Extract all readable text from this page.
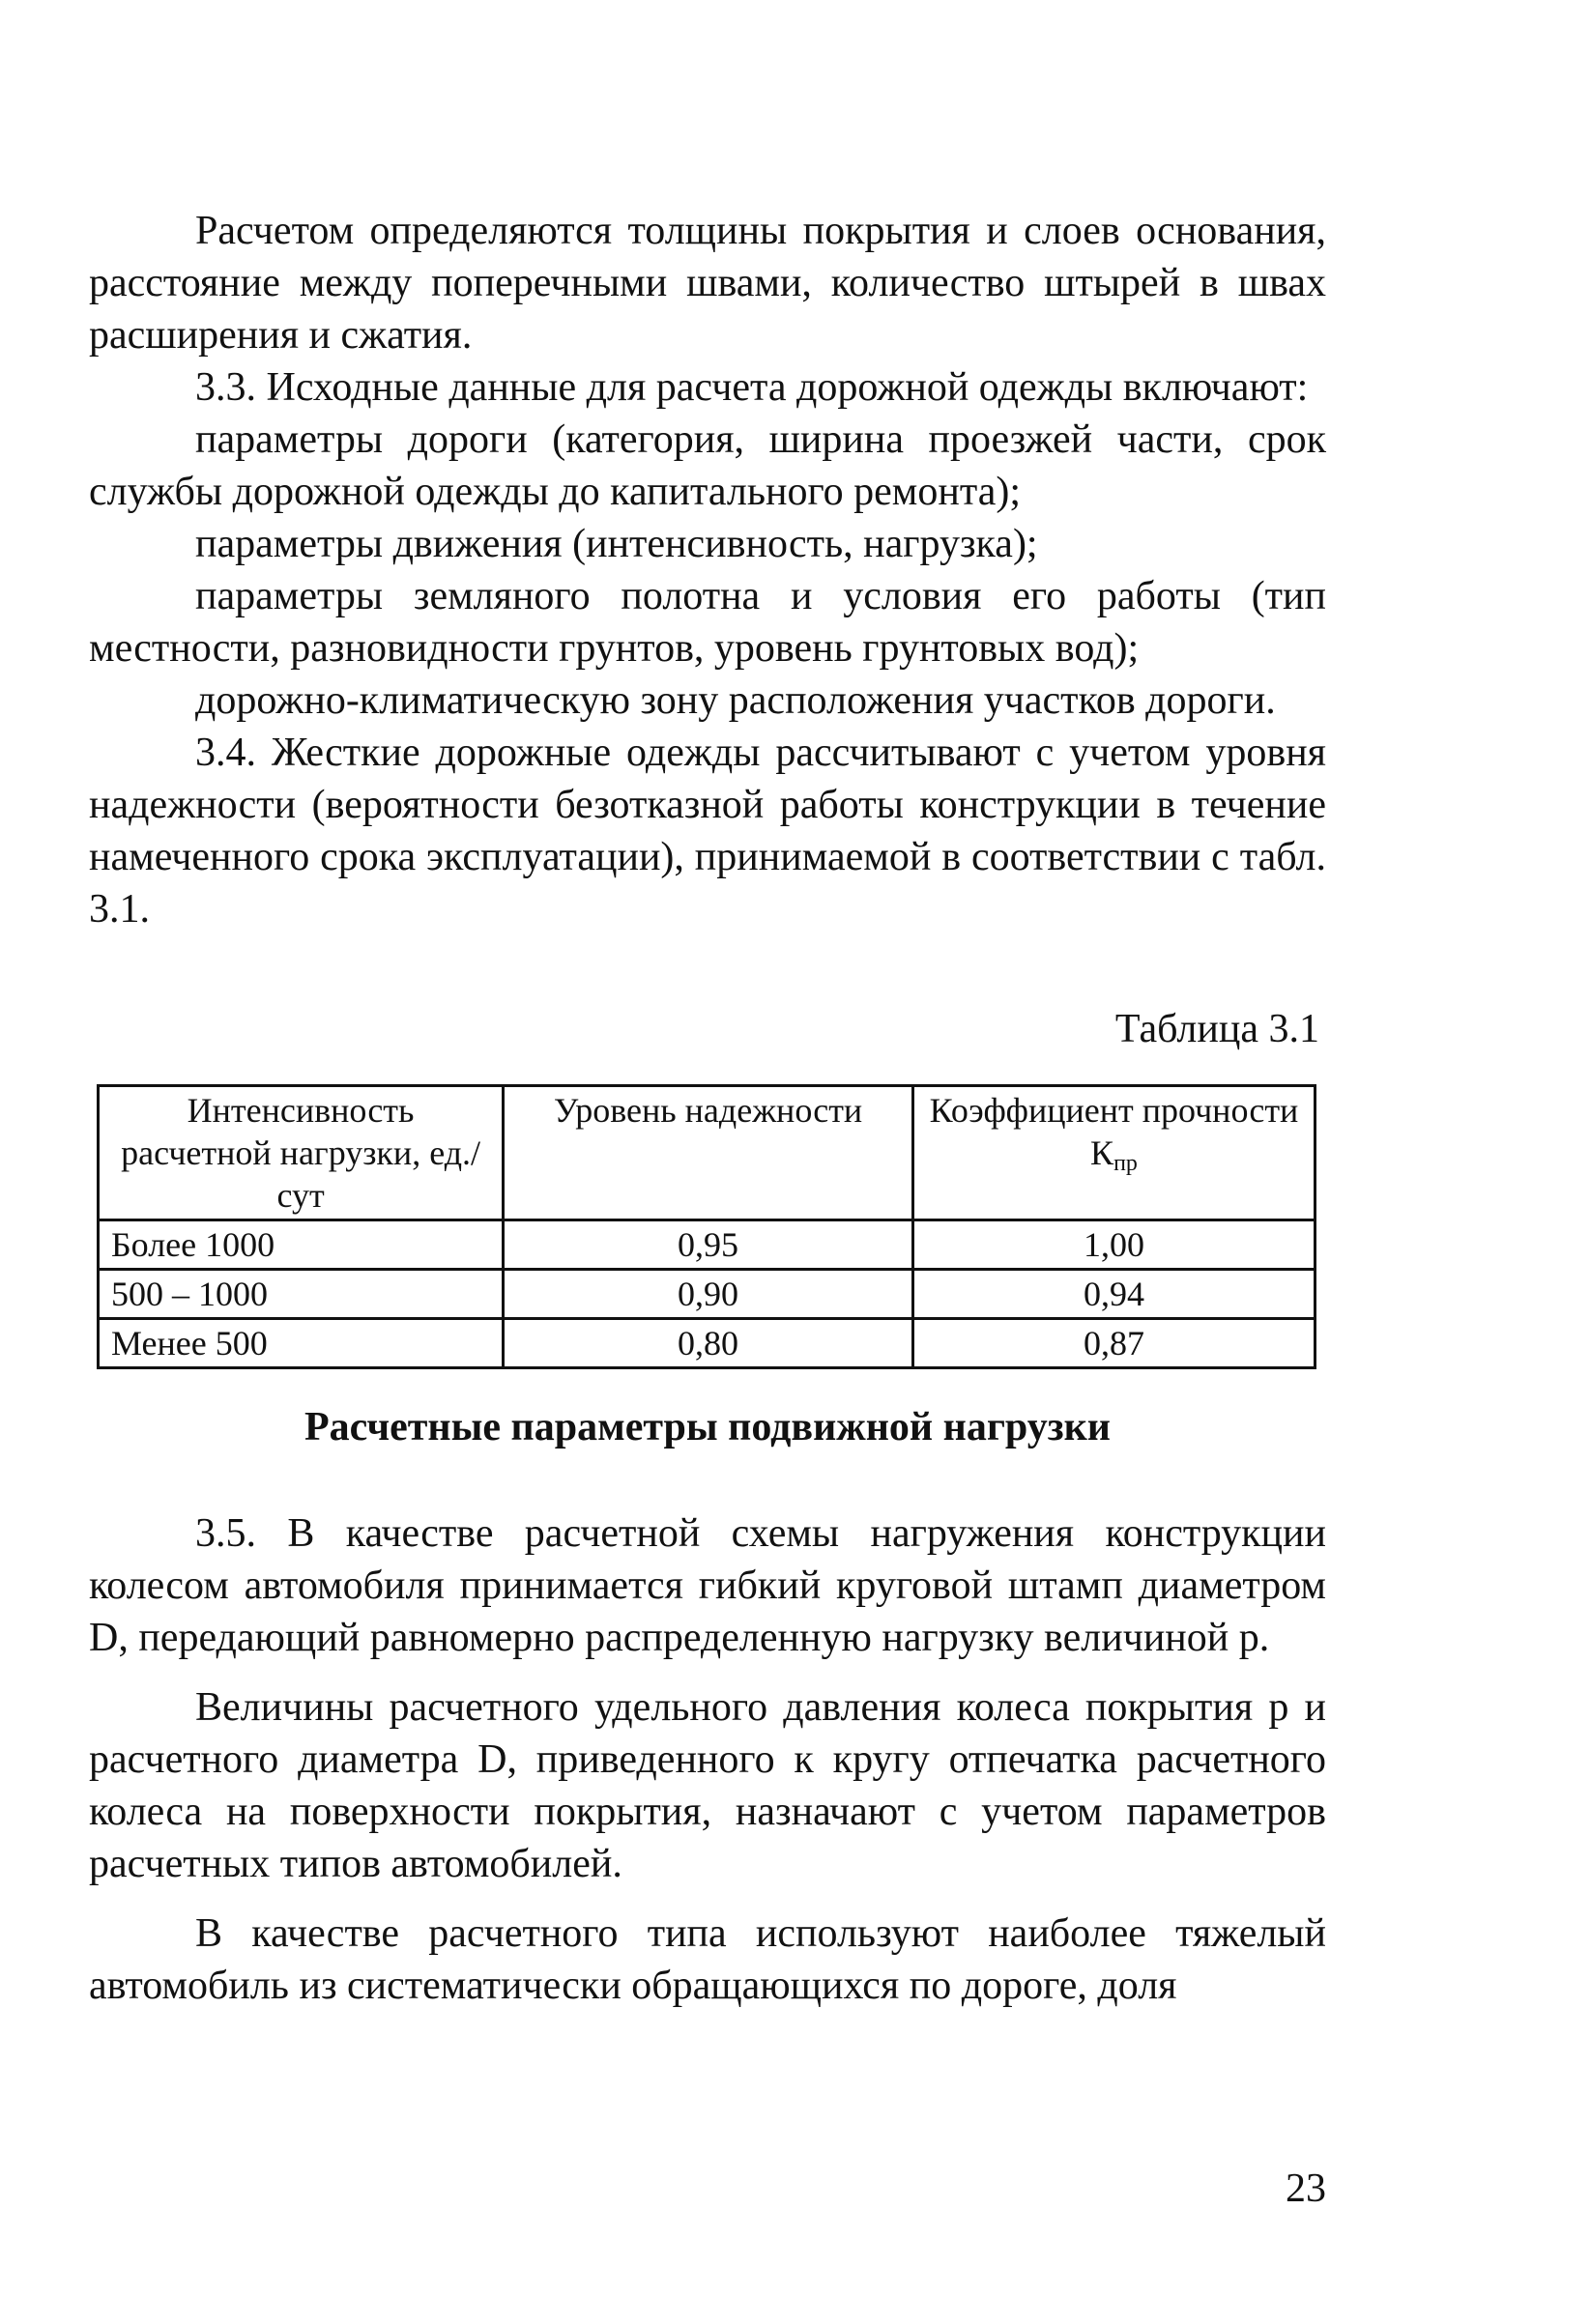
Расчетом определяются толщины покрытия и слоев основания, расстояние между поперечными швами, количество штырей в швах расширения и сжатия.

3.3. Исходные данные для расчета дорожной одежды включают:

параметры дороги (категория, ширина проезжей части, срок службы дорожной одежды до капитального ремонта);

параметры движения (интенсивность, нагрузка);

параметры земляного полотна и условия его работы (тип местности, разновидности грунтов, уровень грунтовых вод);

дорожно-климатическую зону расположения участков дороги.

3.4. Жесткие дорожные одежды рассчитывают с учетом уровня надежности (вероятности безотказной работы конструкции в течение намеченного срока эксплуатации), принимаемой в соответствии с табл. 3.1.

Таблица 3.1
Интенсивность расчетной нагрузки, ед./сут	Уровень надежности	Коэффициент прочности $К_{пр}$
Более 1000	0,95	1,00
500 – 1000	0,90	0,94
Менее 500	0,80	0,87
Расчетные параметры подвижной нагрузки

3.5. В качестве расчетной схемы нагружения конструкции колесом автомобиля принимается гибкий круговой штамп диаметром D, передающий равномерно распределенную нагрузку величиной р.

Величины расчетного удельного давления колеса покрытия р и расчетного диаметра D, приведенного к кругу отпечатка расчетного колеса на поверхности покрытия, назначают с учетом параметров расчетных типов автомобилей.

В качестве расчетного типа используют наиболее тяжелый автомобиль из систематически обращающихся по дороге, доля

23
